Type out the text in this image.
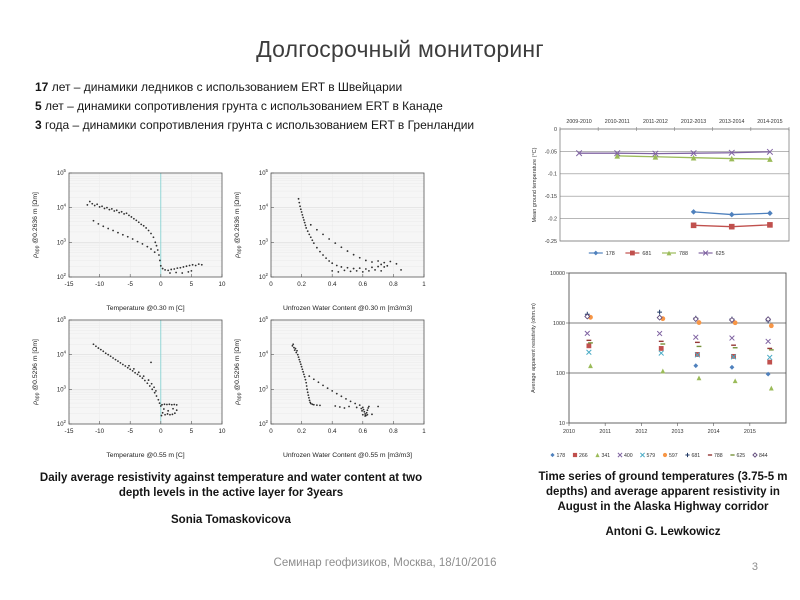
Долгосрочный мониторинг
17 лет – динамики ледников с использованием ERT в Швейцарии
5 лет – динамики сопротивления грунта с использованием ERT в Канаде
3 года – динамики сопротивления грунта с использованием ERT в Гренландии
-15	-10	-5	0	5	10
$10^2$
$10^3$
$10^4$
$10^5$
Temperature @0.30 m [C]
$\rho_{app}$ @0.2636 m [Ωm]
0	0.2	0.4	0.6	0.8	1
$10^2$
$10^3$
$10^4$
$10^5$
Unfrozen Water Content @0.30 m [m3/m3]
$\rho_{app}$ @0.2636 m [Ωm]
-15	-10	-5	0	5	10
$10^2$
$10^3$
$10^4$
$10^5$
Temperature @0.55 m [C]
$\rho_{app}$ @0.5296 m [Ωm]
0	0.2	0.4	0.6	0.8	1
$10^2$
$10^3$
$10^4$
$10^5$
Unfrozen Water Content @0.55 m [m3/m3]
$\rho_{app}$ @0.5296 m [Ωm]
Daily average resistivity against temperature and water content at two depth levels in the active layer for 3years
Sonia Tomaskovicova
0
-0.05
-0.1
-0.15
-0.2
-0.25
2009-2010 2010-2011 2011-2012 2012-2013 2013-2014 2014-2015
Mean ground temperature (°C)
178	681	788	625
10
100
1000
10000
2010	2011	2012	2013	2014	2015
Average apparent resistivity (ohm.m)
178	266	341	400	579	597	681	788	625	844
Time series of ground temperatures (3.75-5 m depths) and average apparent resistivity in August in the Alaska Highway corridor
Antoni G. Lewkowicz
Семинар геофизиков, Москва, 18/10/2016	3
